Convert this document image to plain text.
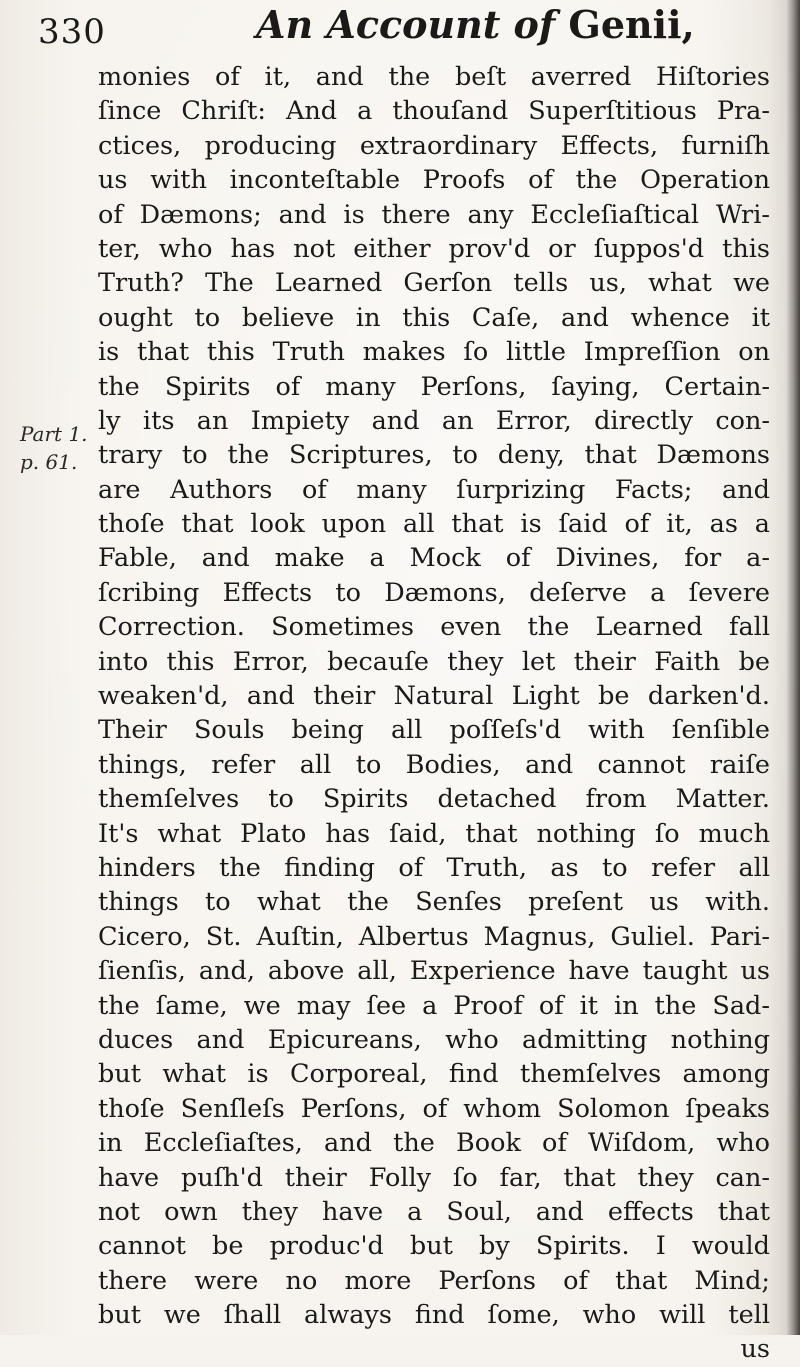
330	An Account of Genii,
Part 1.
p. 61.
monies of it, and the beſt averred Hiſtories
ſince Chriſt: And a thouſand Superſtitious Pra-
ctices, producing extraordinary Effects, furniſh
us with inconteſtable Proofs of the Operation
of Dæmons; and is there any Eccleſiaſtical Wri-
ter, who has not either prov'd or ſuppos'd this
Truth? The Learned Gerſon tells us, what we
ought to believe in this Caſe, and whence it
is that this Truth makes ſo little Impreſſion on
the Spirits of many Perſons, ſaying, Certain-
ly its an Impiety and an Error, directly con-
trary to the Scriptures, to deny, that Dæmons
are Authors of many ſurprizing Facts; and
thoſe that look upon all that is ſaid of it, as a
Fable, and make a Mock of Divines, for a-
ſcribing Effects to Dæmons, deſerve a ſevere
Correction. Sometimes even the Learned fall
into this Error, becauſe they let their Faith be
weaken'd, and their Natural Light be darken'd.
Their Souls being all poſſeſs'd with ſenſible
things, refer all to Bodies, and cannot raiſe
themſelves to Spirits detached from Matter.
It's what Plato has ſaid, that nothing ſo much
hinders the finding of Truth, as to refer all
things to what the Senſes preſent us with.
Cicero, St. Auſtin, Albertus Magnus, Guliel. Pari-
ſienſis, and, above all, Experience have taught us
the ſame, we may ſee a Proof of it in the Sad-
duces and Epicureans, who admitting nothing
but what is Corporeal, find themſelves among
thoſe Senſleſs Perſons, of whom Solomon ſpeaks
in Eccleſiaſtes, and the Book of Wiſdom, who
have puſh'd their Folly ſo far, that they can-
not own they have a Soul, and effects that
cannot be produc'd but by Spirits. I would
there were no more Perſons of that Mind;
but we ſhall always find ſome, who will tell
us
